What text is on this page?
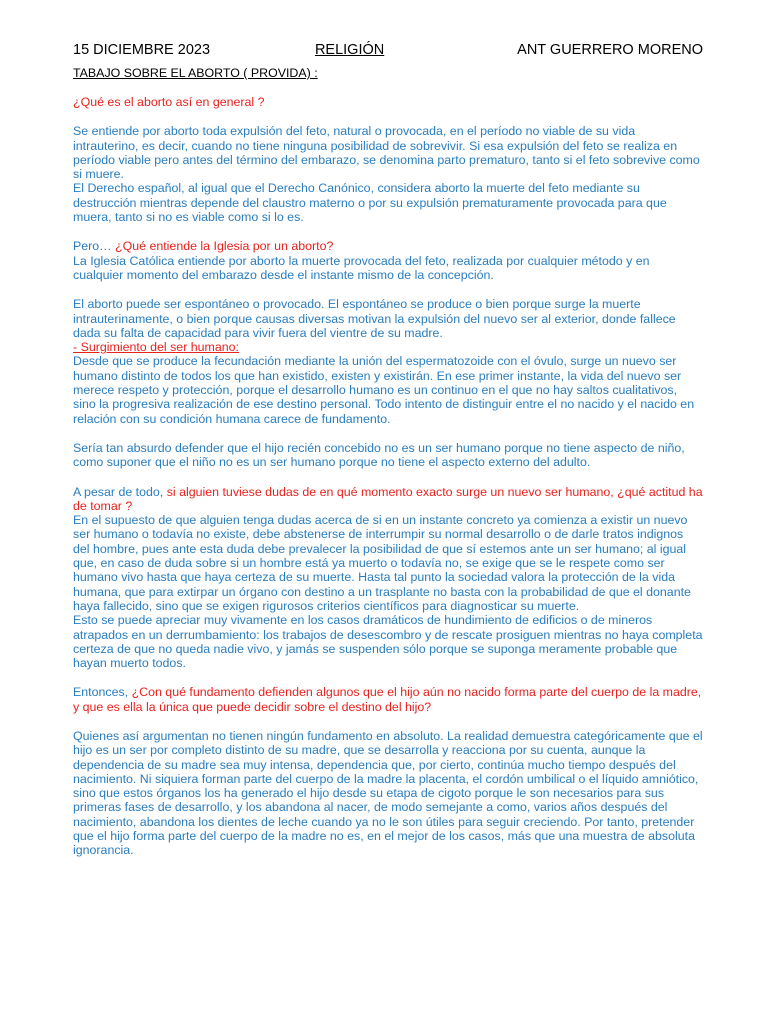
15 DICIEMBRE 2023	RELIGIÓN	ANT GUERRERO MORENO
TABAJO SOBRE EL ABORTO ( PROVIDA) :

¿Qué es el aborto así en general ?

Se entiende por aborto toda expulsión del feto, natural o provocada, en el período no viable de su vida intrauterino, es decir, cuando no tiene ninguna posibilidad de sobrevivir. Si esa expulsión del feto se realiza en período viable pero antes del término del embarazo, se denomina parto prematuro, tanto si el feto sobrevive como si muere.

El Derecho español, al igual que el Derecho Canónico, considera aborto la muerte del feto mediante su destrucción mientras depende del claustro materno o por su expulsión prematuramente provocada para que muera, tanto si no es viable como si lo es.

Pero… ¿Qué entiende la Iglesia por un aborto?

La Iglesia Católica entiende por aborto la muerte provocada del feto, realizada por cualquier método y en cualquier momento del embarazo desde el instante mismo de la concepción.

El aborto puede ser espontáneo o provocado. El espontáneo se produce o bien porque surge la muerte intrauterinamente, o bien porque causas diversas motivan la expulsión del nuevo ser al exterior, donde fallece dada su falta de capacidad para vivir fuera del vientre de su madre.

- Surgimiento del ser humano:

Desde que se produce la fecundación mediante la unión del espermatozoide con el óvulo, surge un nuevo ser humano distinto de todos los que han existido, existen y existirán. En ese primer instante, la vida del nuevo ser merece respeto y protección, porque el desarrollo humano es un continuo en el que no hay saltos cualitativos, sino la progresiva realización de ese destino personal. Todo intento de distinguir entre el no nacido y el nacido en relación con su condición humana carece de fundamento.

Sería tan absurdo defender que el hijo recién concebido no es un ser humano porque no tiene aspecto de niño, como suponer que el niño no es un ser humano porque no tiene el aspecto externo del adulto.

A pesar de todo, si alguien tuviese dudas de en qué momento exacto surge un nuevo ser humano, ¿qué actitud ha de tomar ?

En el supuesto de que alguien tenga dudas acerca de si en un instante concreto ya comienza a existir un nuevo ser humano o todavía no existe, debe abstenerse de interrumpir su normal desarrollo o de darle tratos indignos del hombre, pues ante esta duda debe prevalecer la posibilidad de que sí estemos ante un ser humano; al igual que, en caso de duda sobre si un hombre está ya muerto o todavía no, se exige que se le respete como ser humano vivo hasta que haya certeza de su muerte. Hasta tal punto la sociedad valora la protección de la vida humana, que para extirpar un órgano con destino a un trasplante no basta con la probabilidad de que el donante haya fallecido, sino que se exigen rigurosos criterios científicos para diagnosticar su muerte.

Esto se puede apreciar muy vivamente en los casos dramáticos de hundimiento de edificios o de mineros atrapados en un derrumbamiento: los trabajos de desescombro y de rescate prosiguen mientras no haya completa certeza de que no queda nadie vivo, y jamás se suspenden sólo porque se suponga meramente probable que hayan muerto todos.

Entonces, ¿Con qué fundamento defienden algunos que el hijo aún no nacido forma parte del cuerpo de la madre, y que es ella la única que puede decidir sobre el destino del hijo?

Quienes así argumentan no tienen ningún fundamento en absoluto. La realidad demuestra categóricamente que el hijo es un ser por completo distinto de su madre, que se desarrolla y reacciona por su cuenta, aunque la dependencia de su madre sea muy intensa, dependencia que, por cierto, continúa mucho tiempo después del nacimiento. Ni siquiera forman parte del cuerpo de la madre la placenta, el cordón umbilical o el líquido amniótico, sino que estos órganos los ha generado el hijo desde su etapa de cigoto porque le son necesarios para sus primeras fases de desarrollo, y los abandona al nacer, de modo semejante a como, varios años después del nacimiento, abandona los dientes de leche cuando ya no le son útiles para seguir creciendo. Por tanto, pretender que el hijo forma parte del cuerpo de la madre no es, en el mejor de los casos, más que una muestra de absoluta ignorancia.
